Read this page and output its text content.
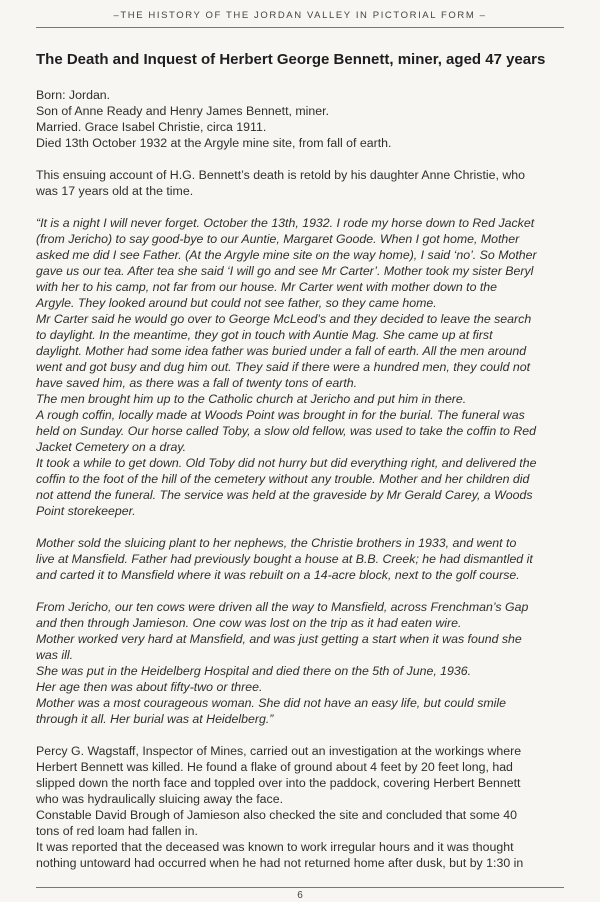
–THE HISTORY OF THE JORDAN VALLEY IN PICTORIAL FORM –
The Death and Inquest of Herbert George Bennett, miner, aged 47 years
Born: Jordan.
Son of Anne Ready and Henry James Bennett, miner.
Married. Grace Isabel Christie, circa 1911.
Died 13th October 1932 at the Argyle mine site, from fall of earth.
This ensuing account of H.G. Bennett’s death is retold by his daughter Anne Christie, who
was 17 years old at the time.
“It is a night I will never forget. October the 13th, 1932. I rode my horse down to Red Jacket
(from Jericho) to say good-bye to our Auntie, Margaret Goode. When I got home, Mother
asked me did I see Father. (At the Argyle mine site on the way home), I said ‘no’. So Mother
gave us our tea. After tea she said ‘I will go and see Mr Carter’. Mother took my sister Beryl
with her to his camp, not far from our house. Mr Carter went with mother down to the
Argyle. They looked around but could not see father, so they came home.
Mr Carter said he would go over to George McLeod’s and they decided to leave the search
to daylight. In the meantime, they got in touch with Auntie Mag. She came up at first
daylight. Mother had some idea father was buried under a fall of earth. All the men around
went and got busy and dug him out. They said if there were a hundred men, they could not
have saved him, as there was a fall of twenty tons of earth.
The men brought him up to the Catholic church at Jericho and put him in there.
A rough coffin, locally made at Woods Point was brought in for the burial. The funeral was
held on Sunday. Our horse called Toby, a slow old fellow, was used to take the coffin to Red
Jacket Cemetery on a dray.
It took a while to get down. Old Toby did not hurry but did everything right, and delivered the
coffin to the foot of the hill of the cemetery without any trouble. Mother and her children did
not attend the funeral. The service was held at the graveside by Mr Gerald Carey, a Woods
Point storekeeper.
Mother sold the sluicing plant to her nephews, the Christie brothers in 1933, and went to
live at Mansfield. Father had previously bought a house at B.B. Creek; he had dismantled it
and carted it to Mansfield where it was rebuilt on a 14-acre block, next to the golf course.
From Jericho, our ten cows were driven all the way to Mansfield, across Frenchman’s Gap
and then through Jamieson. One cow was lost on the trip as it had eaten wire.
Mother worked very hard at Mansfield, and was just getting a start when it was found she
was ill.
She was put in the Heidelberg Hospital and died there on the 5th of June, 1936.
Her age then was about fifty-two or three.
Mother was a most courageous woman. She did not have an easy life, but could smile
through it all. Her burial was at Heidelberg.”
Percy G. Wagstaff, Inspector of Mines, carried out an investigation at the workings where
Herbert Bennett was killed. He found a flake of ground about 4 feet by 20 feet long, had
slipped down the north face and toppled over into the paddock, covering Herbert Bennett
who was hydraulically sluicing away the face.
Constable David Brough of Jamieson also checked the site and concluded that some 40
tons of red loam had fallen in.
It was reported that the deceased was known to work irregular hours and it was thought
nothing untoward had occurred when he had not returned home after dusk, but by 1:30 in
6
